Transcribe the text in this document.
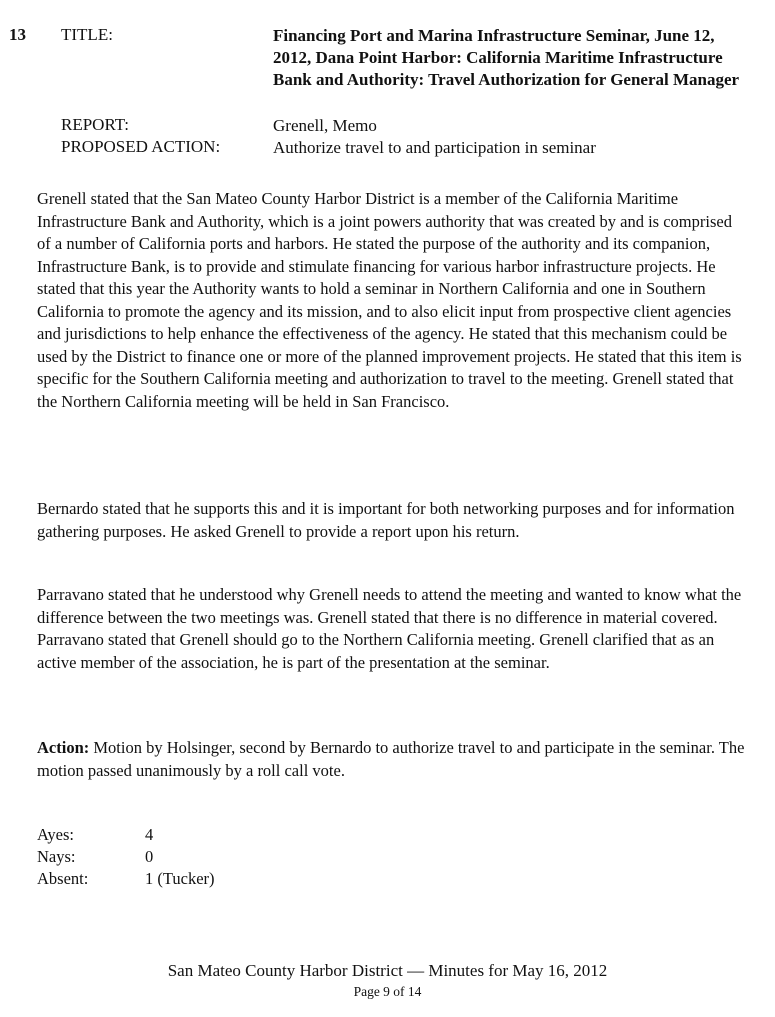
13 TITLE:	Financing Port and Marina Infrastructure Seminar, June 12, 2012, Dana Point Harbor: California Maritime Infrastructure Bank and Authority: Travel Authorization for General Manager
REPORT:	Grenell, Memo
PROPOSED ACTION:	Authorize travel to and participation in seminar
Grenell stated that the San Mateo County Harbor District is a member of the California Maritime Infrastructure Bank and Authority, which is a joint powers authority that was created by and is comprised of a number of California ports and harbors. He stated the purpose of the authority and its companion, Infrastructure Bank, is to provide and stimulate financing for various harbor infrastructure projects. He stated that this year the Authority wants to hold a seminar in Northern California and one in Southern California to promote the agency and its mission, and to also elicit input from prospective client agencies and jurisdictions to help enhance the effectiveness of the agency. He stated that this mechanism could be used by the District to finance one or more of the planned improvement projects. He stated that this item is specific for the Southern California meeting and authorization to travel to the meeting. Grenell stated that the Northern California meeting will be held in San Francisco.
Bernardo stated that he supports this and it is important for both networking purposes and for information gathering purposes. He asked Grenell to provide a report upon his return.
Parravano stated that he understood why Grenell needs to attend the meeting and wanted to know what the difference between the two meetings was. Grenell stated that there is no difference in material covered. Parravano stated that Grenell should go to the Northern California meeting. Grenell clarified that as an active member of the association, he is part of the presentation at the seminar.
Action: Motion by Holsinger, second by Bernardo to authorize travel to and participate in the seminar. The motion passed unanimously by a roll call vote.
Ayes:	4
Nays:	0
Absent:	1 (Tucker)
San Mateo County Harbor District — Minutes for May 16, 2012
Page 9 of 14
